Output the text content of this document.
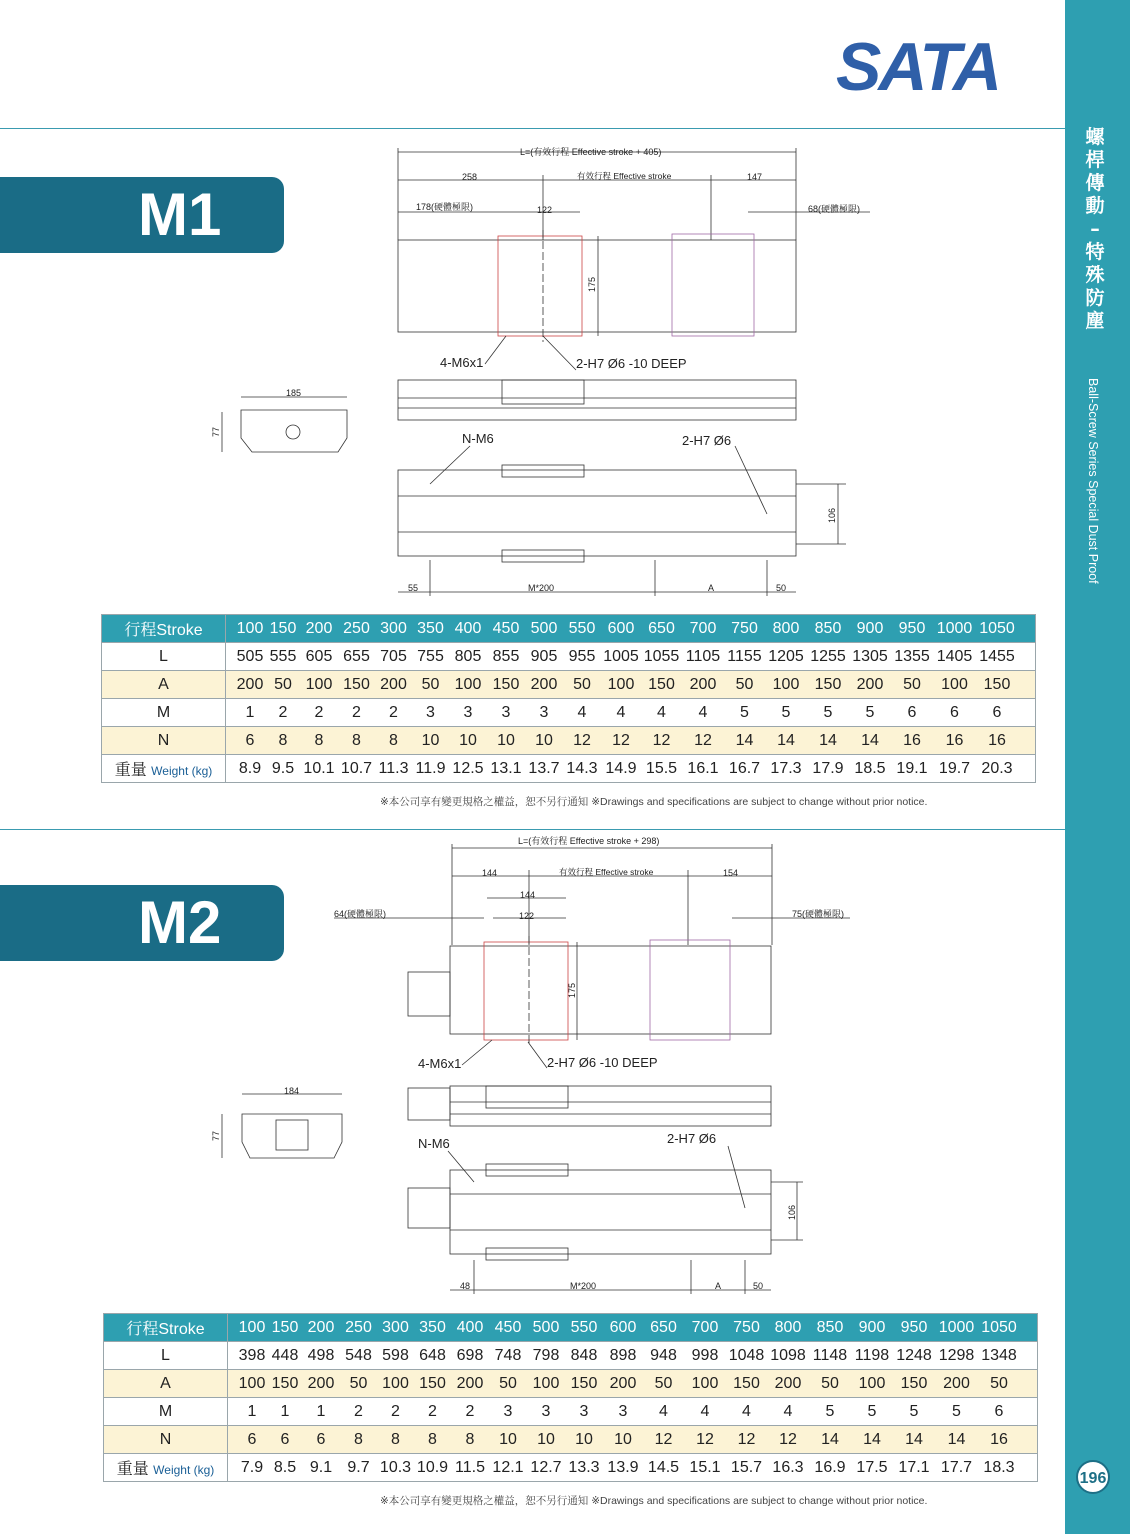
螺
桿
傳
動
–
特
殊
防
塵
Ball-Screw Series Special Dust Proof
196
SATA
M1
L=(有效行程 Effective stroke + 405)
258	有效行程 Effective stroke	147
178(硬體極限)	122	68(硬體極限)
175
4-M6x1	2-H7 Ø6 -10 DEEP
185
77	N-M6	2-H7 Ø6
106
55	M*200	A	50
行程Stroke	100 150 200 250 300 350 400 450 500 550 600 650 700 750 800 850 900 950 1000 1050
L	505 555 605 655 705 755 805 855 905 955 1005 1055 1105 1155 1205 1255 1305 1355 1405 1455
A	200 50 100 150 200 50 100 150 200 50 100 150 200 50 100 150 200 50 100 150
M	1 2 2 2 2 3 3 3 3 4 4 4 4 5 5 5 5 6 6 6
N	6 8 8 8 8 10 10 10 10 12 12 12 12 14 14 14 14 16 16 16
重量 Weight (kg)	8.9 9.5 10.1 10.7 11.3 11.9 12.5 13.1 13.7 14.3 14.9 15.5 16.1 16.7 17.3 17.9 18.5 19.1 19.7 20.3
※本公司享有變更規格之權益，恕不另行通知 ※Drawings and specifications are subject to change without prior notice.
M2
L=(有效行程 Effective stroke + 298)
144	有效行程 Effective stroke	154
144
64(硬體極限)	122	75(硬體極限)
175
4-M6x1	2-H7 Ø6 -10 DEEP
184
77
N-M6	2-H7 Ø6
106
48	M*200	A	50
行程Stroke	100 150 200 250 300 350 400 450 500 550 600 650 700 750 800 850 900 950 1000 1050
L	398 448 498 548 598 648 698 748 798 848 898 948 998 1048 1098 1148 1198 1248 1298 1348
A	100 150 200 50 100 150 200 50 100 150 200 50 100 150 200 50 100 150 200 50
M	1 1 1 2 2 2 2 3 3 3 3 4 4 4 4 5 5 5 5 6
N	6 6 6 8 8 8 8 10 10 10 10 12 12 12 12 14 14 14 14 16
重量 Weight (kg)	7.9 8.5 9.1 9.7 10.3 10.9 11.5 12.1 12.7 13.3 13.9 14.5 15.1 15.7 16.3 16.9 17.5 17.1 17.7 18.3
※本公司享有變更規格之權益，恕不另行通知 ※Drawings and specifications are subject to change without prior notice.
